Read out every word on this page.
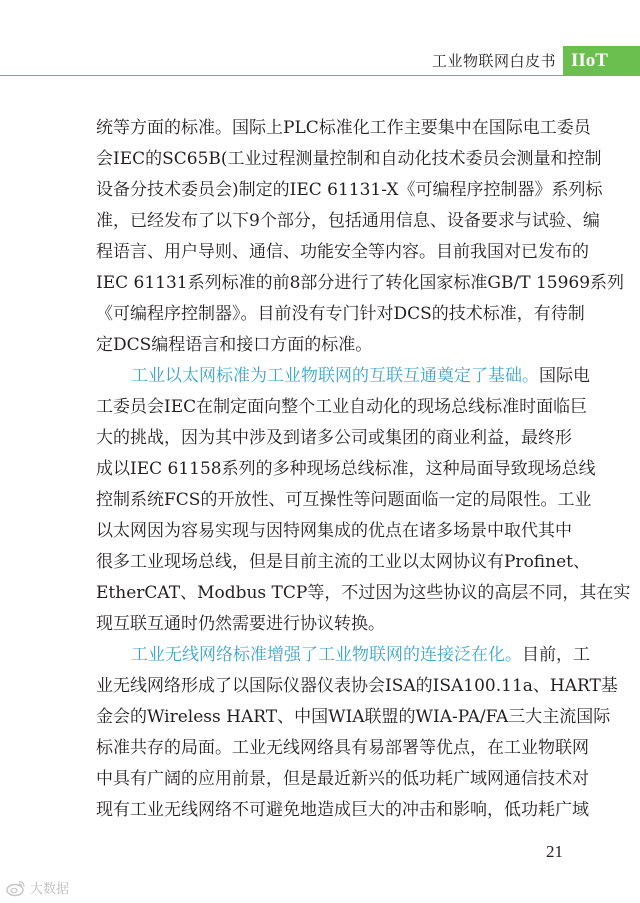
工业物联网白皮书 IIoT
统等方面的标准。国际上PLC标准化工作主要集中在国际电工委员
会IEC的SC65B(工业过程测量控制和自动化技术委员会测量和控制
设备分技术委员会)制定的IEC 61131-X《可编程序控制器》系列标
准，已经发布了以下9个部分，包括通用信息、设备要求与试验、编
程语言、用户导则、通信、功能安全等内容。目前我国对已发布的
IEC 61131系列标准的前8部分进行了转化国家标准GB/T 15969系列
《可编程序控制器》。目前没有专门针对DCS的技术标准，有待制
定DCS编程语言和接口方面的标准。
工业以太网标准为工业物联网的互联互通奠定了基础。国际电
工委员会IEC在制定面向整个工业自动化的现场总线标准时面临巨
大的挑战，因为其中涉及到诸多公司或集团的商业利益，最终形
成以IEC 61158系列的多种现场总线标准，这种局面导致现场总线
控制系统FCS的开放性、可互操性等问题面临一定的局限性。工业
以太网因为容易实现与因特网集成的优点在诸多场景中取代其中
很多工业现场总线，但是目前主流的工业以太网协议有Profinet、
EtherCAT、Modbus TCP等，不过因为这些协议的高层不同，其在实
现互联互通时仍然需要进行协议转换。
工业无线网络标准增强了工业物联网的连接泛在化。目前，工
业无线网络形成了以国际仪器仪表协会ISA的ISA100.11a、HART基
金会的Wireless HART、中国WIA联盟的WIA-PA/FA三大主流国际
标准共存的局面。工业无线网络具有易部署等优点，在工业物联网
中具有广阔的应用前景，但是最近新兴的低功耗广域网通信技术对
现有工业无线网络不可避免地造成巨大的冲击和影响，低功耗广域
21
大数据
